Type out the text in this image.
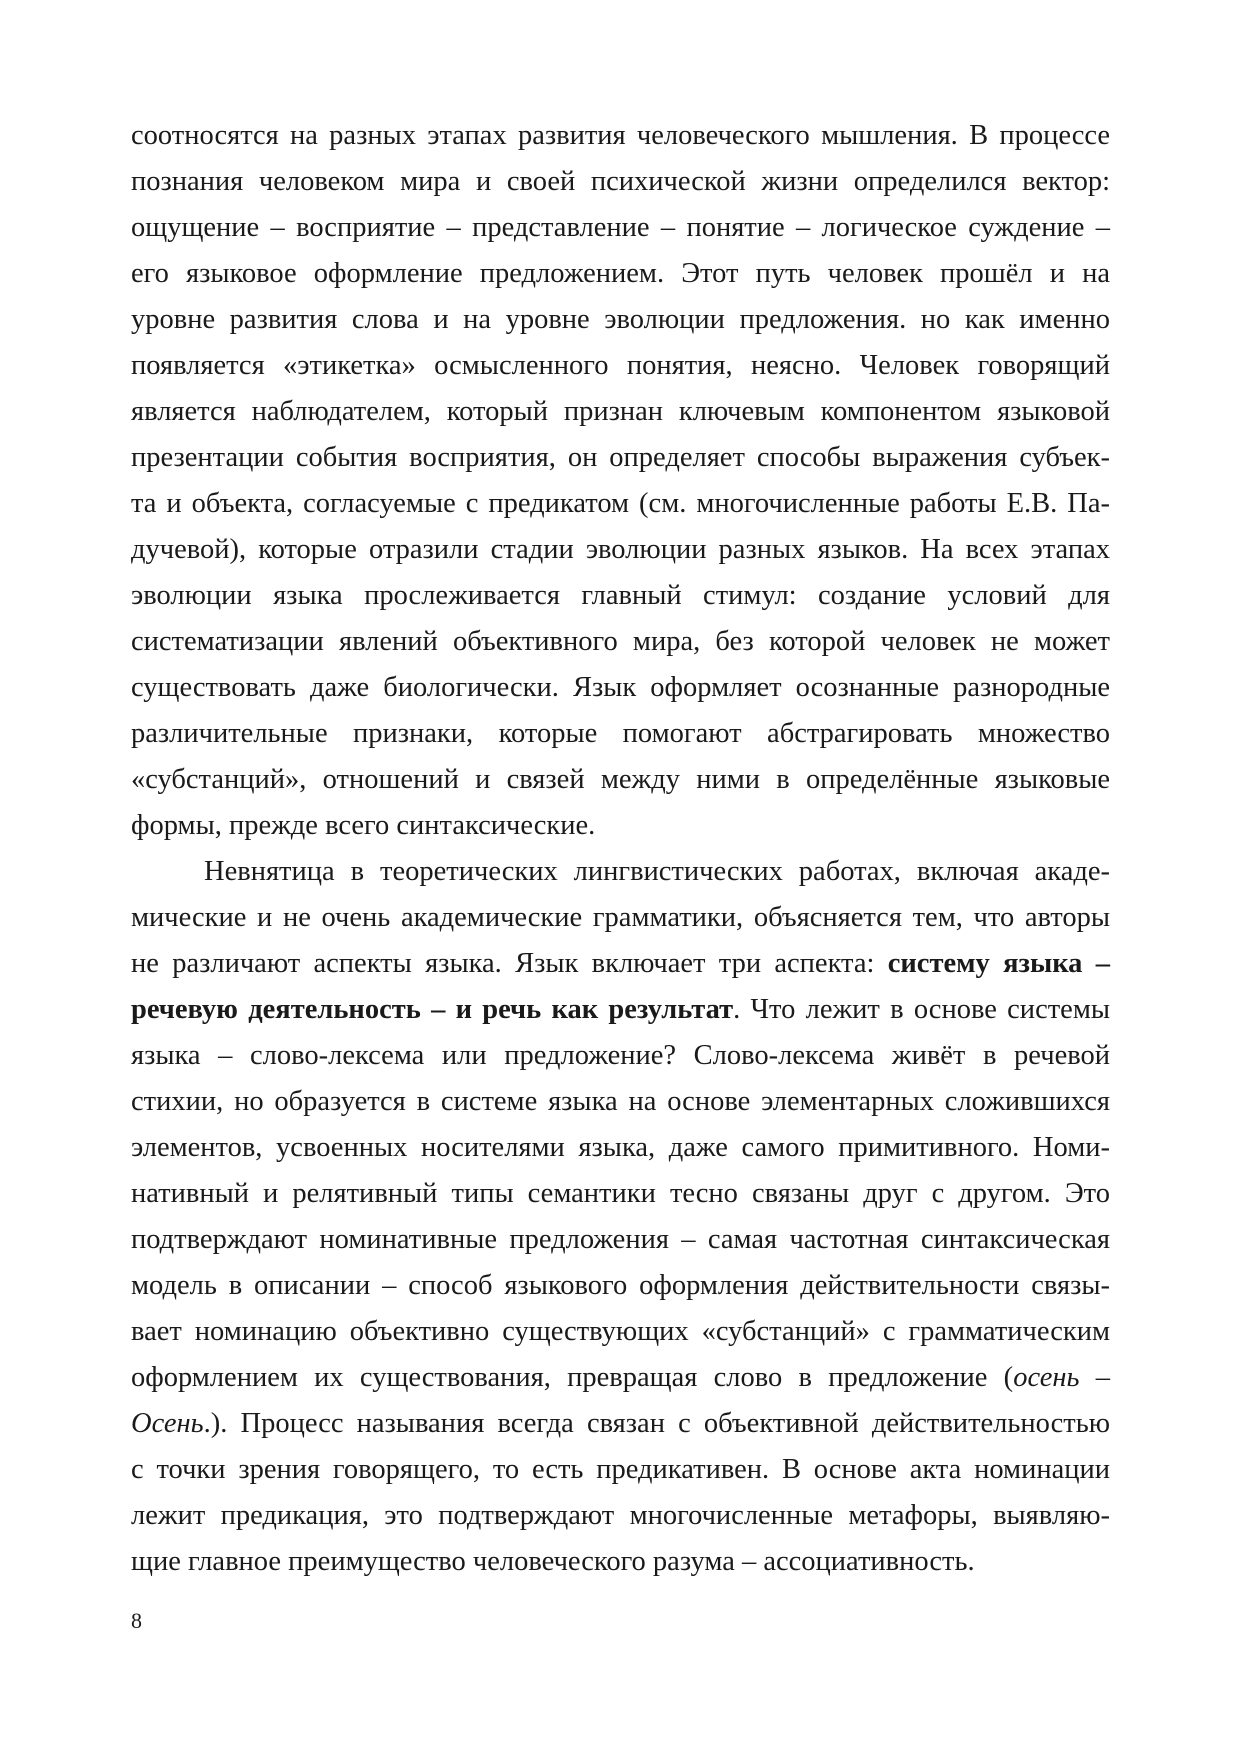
соотносятся на разных этапах развития человеческого мышления. В процессе
познания человеком мира и своей психической жизни определился вектор:
ощущение – восприятие – представление – понятие – логическое суждение –
его языковое оформление предложением. Этот путь человек прошёл и на
уровне развития слова и на уровне эволюции предложения. но как именно
появляется «этикетка» осмысленного понятия, неясно. Человек говорящий
является наблюдателем, который признан ключевым компонентом языковой
презентации события восприятия, он определяет способы выражения субъек-
та и объекта, согласуемые с предикатом (см. многочисленные работы Е.В. Па-
дучевой), которые отразили стадии эволюции разных языков. На всех этапах
эволюции языка прослеживается главный стимул: создание условий для
систематизации явлений объективного мира, без которой человек не может
существовать даже биологически. Язык оформляет осознанные разнородные
различительные признаки, которые помогают абстрагировать множество
«субстанций», отношений и связей между ними в определённые языковые
формы, прежде всего синтаксические.
Невнятица в теоретических лингвистических работах, включая акаде-
мические и не очень академические грамматики, объясняется тем, что авторы
не различают аспекты языка. Язык включает три аспекта: систему языка –
речевую деятельность – и речь как результат. Что лежит в основе системы
языка – слово-лексема или предложение? Слово-лексема живёт в речевой
стихии, но образуется в системе языка на основе элементарных сложившихся
элементов, усвоенных носителями языка, даже самого примитивного. Номи-
нативный и релятивный типы семантики тесно связаны друг с другом. Это
подтверждают номинативные предложения – самая частотная синтаксическая
модель в описании – способ языкового оформления действительности связы-
вает номинацию объективно существующих «субстанций» с грамматическим
оформлением их существования, превращая слово в предложение (осень –
Осень.). Процесс называния всегда связан с объективной действительностью
с точки зрения говорящего, то есть предикативен. В основе акта номинации
лежит предикация, это подтверждают многочисленные метафоры, выявляю-
щие главное преимущество человеческого разума – ассоциативность.
8
